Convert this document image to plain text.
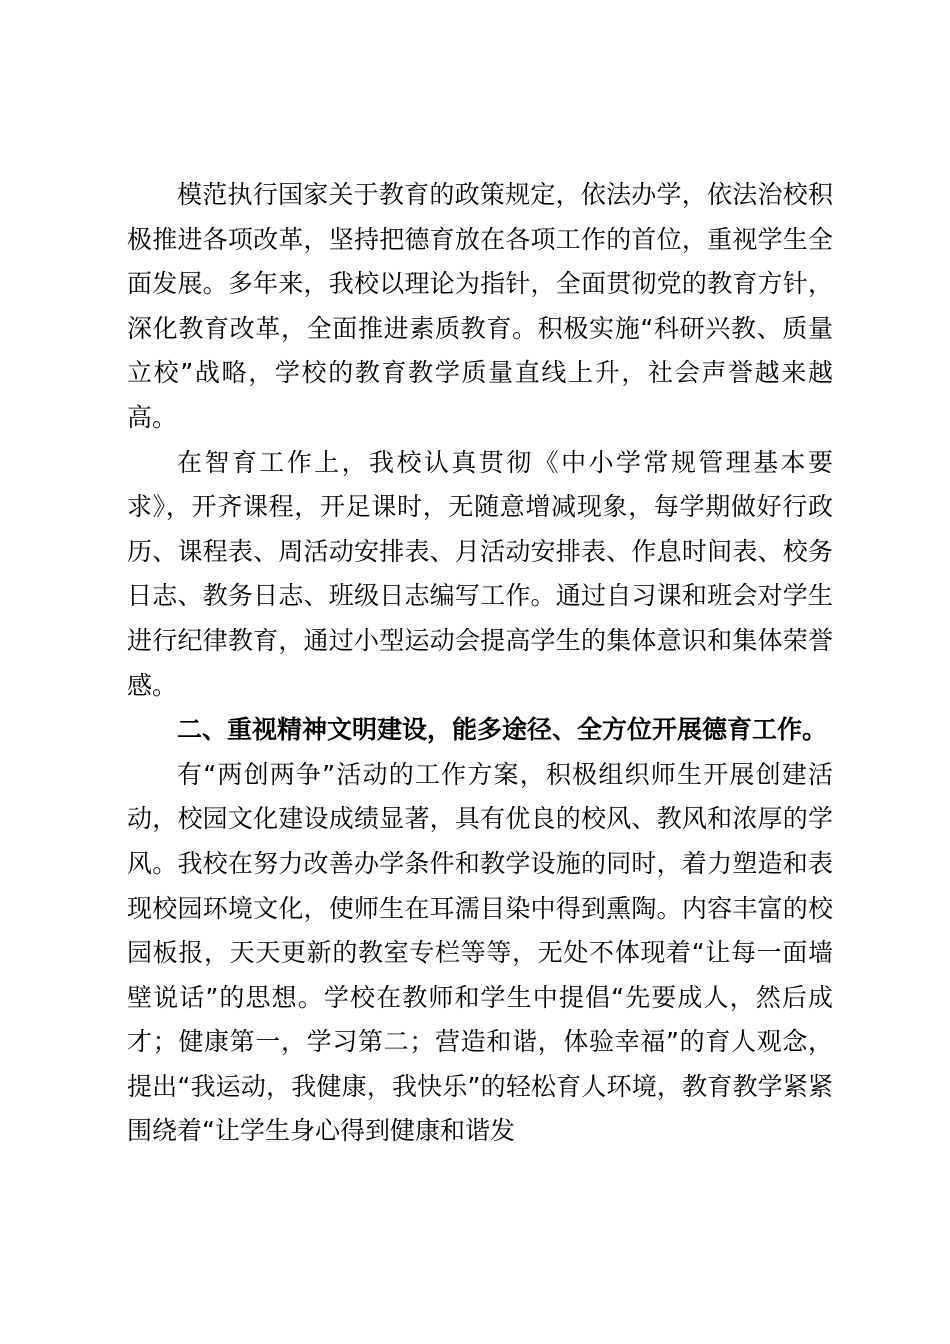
模范执行国家关于教育的政策规定，依法办学，依法治校积极推进各项改革，坚持把德育放在各项工作的首位，重视学生全面发展。多年来，我校以理论为指针，全面贯彻党的教育方针，深化教育改革，全面推进素质教育。积极实施“科研兴教、质量立校”战略，学校的教育教学质量直线上升，社会声誉越来越高。

在智育工作上，我校认真贯彻《中小学常规管理基本要求》，开齐课程，开足课时，无随意增减现象，每学期做好行政历、课程表、周活动安排表、月活动安排表、作息时间表、校务日志、教务日志、班级日志编写工作。通过自习课和班会对学生进行纪律教育，通过小型运动会提高学生的集体意识和集体荣誉感。

二、重视精神文明建设，能多途径、全方位开展德育工作。

有“两创两争”活动的工作方案，积极组织师生开展创建活动，校园文化建设成绩显著，具有优良的校风、教风和浓厚的学风。我校在努力改善办学条件和教学设施的同时，着力塑造和表现校园环境文化，使师生在耳濡目染中得到熏陶。内容丰富的校园板报，天天更新的教室专栏等等，无处不体现着“让每一面墙壁说话”的思想。学校在教师和学生中提倡“先要成人，然后成才；健康第一，学习第二；营造和谐，体验幸福”的育人观念，提出“我运动，我健康，我快乐”的轻松育人环境，教育教学紧紧围绕着“让学生身心得到健康和谐发
